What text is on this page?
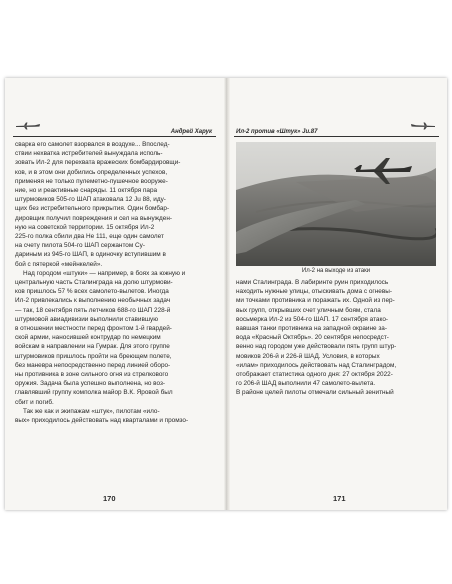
Андрей Харук

сварка его самолет взорвался в воздухе... Впослед-

ствии нехватка истребителей вынуждала исполь-

зовать Ил-2 для перехвата вражеских бомбардировщи-

ков, и в этом они добились определенных успехов,

применяя не только пулеметно-пушечное вооруже-

ние, но и реактивные снаряды. 11 октября пара

штурмовиков 505-го ШАП атаковала 12 Ju 88, иду-

щих без истребительного прикрытия. Один бомбар-

дировщик получил повреждения и сел на вынужден-

ную на советской территории. 15 октября Ил-2

225-го полка сбили два He 111, еще один самолет

на счету пилота 504-го ШАП сержантом Су-

дариным из 945-го ШАП, в одиночку вступившим в

бой с пятеркой «мейнкелей».

Над городом «штуки» — например, в боях за южную и

центральную часть Сталинграда на долю штурмови-

ков пришлось 57 % всех самолето-вылетов. Иногда

Ил-2 привлекались к выполнению необычных задач

— так, 18 сентября пять летчиков 688-го ШАП 228-й

штурмовой авиадивизии выполнили ставившую

в отношении местности перед фронтом 1-й гвардей-

ской армии, наносившей контрудар по немецким

войскам в направлении на Гумрак. Для этого группе

штурмовиков пришлось пройти на бреющем полете,

без маневра непосредственно перед линией оборо-

ны противника в зоне сильного огня из стрелкового

оружия. Задача была успешно выполнена, но воз-

главлявший группу комполка майор В.К. Яровой был

сбит и погиб.

Так же как и экипажам «штук», пилотам «ило-

вых» приходилось действовать над кварталами и промзо-

170
Ил-2 против «Штук» Ju.87
Ил-2 на выходе из атаки

нами Сталинграда. В лабиринте руин приходилось

находить нужные улицы, отыскивать дома с огневы-

ми точками противника и поражать их. Одной из пер-

вых групп, открывших счет уличным боям, стала

восьмерка Ил-2 из 504-го ШАП. 17 сентября атако-

вавшая танки противника на западной окраине за-

вода «Красный Октябрь». 20 сентября непосредст-

венно над городом уже действовали пять групп штур-

мовиков 206-й и 226-й ШАД. Условия, в которых

«илам» приходилось действовать над Сталинградом,

отображает статистика одного дня: 27 октября 2022-

го 206-й ШАД выполнили 47 самолето-вылета.

В районе целей пилоты отмечали сильный зенитный

171
